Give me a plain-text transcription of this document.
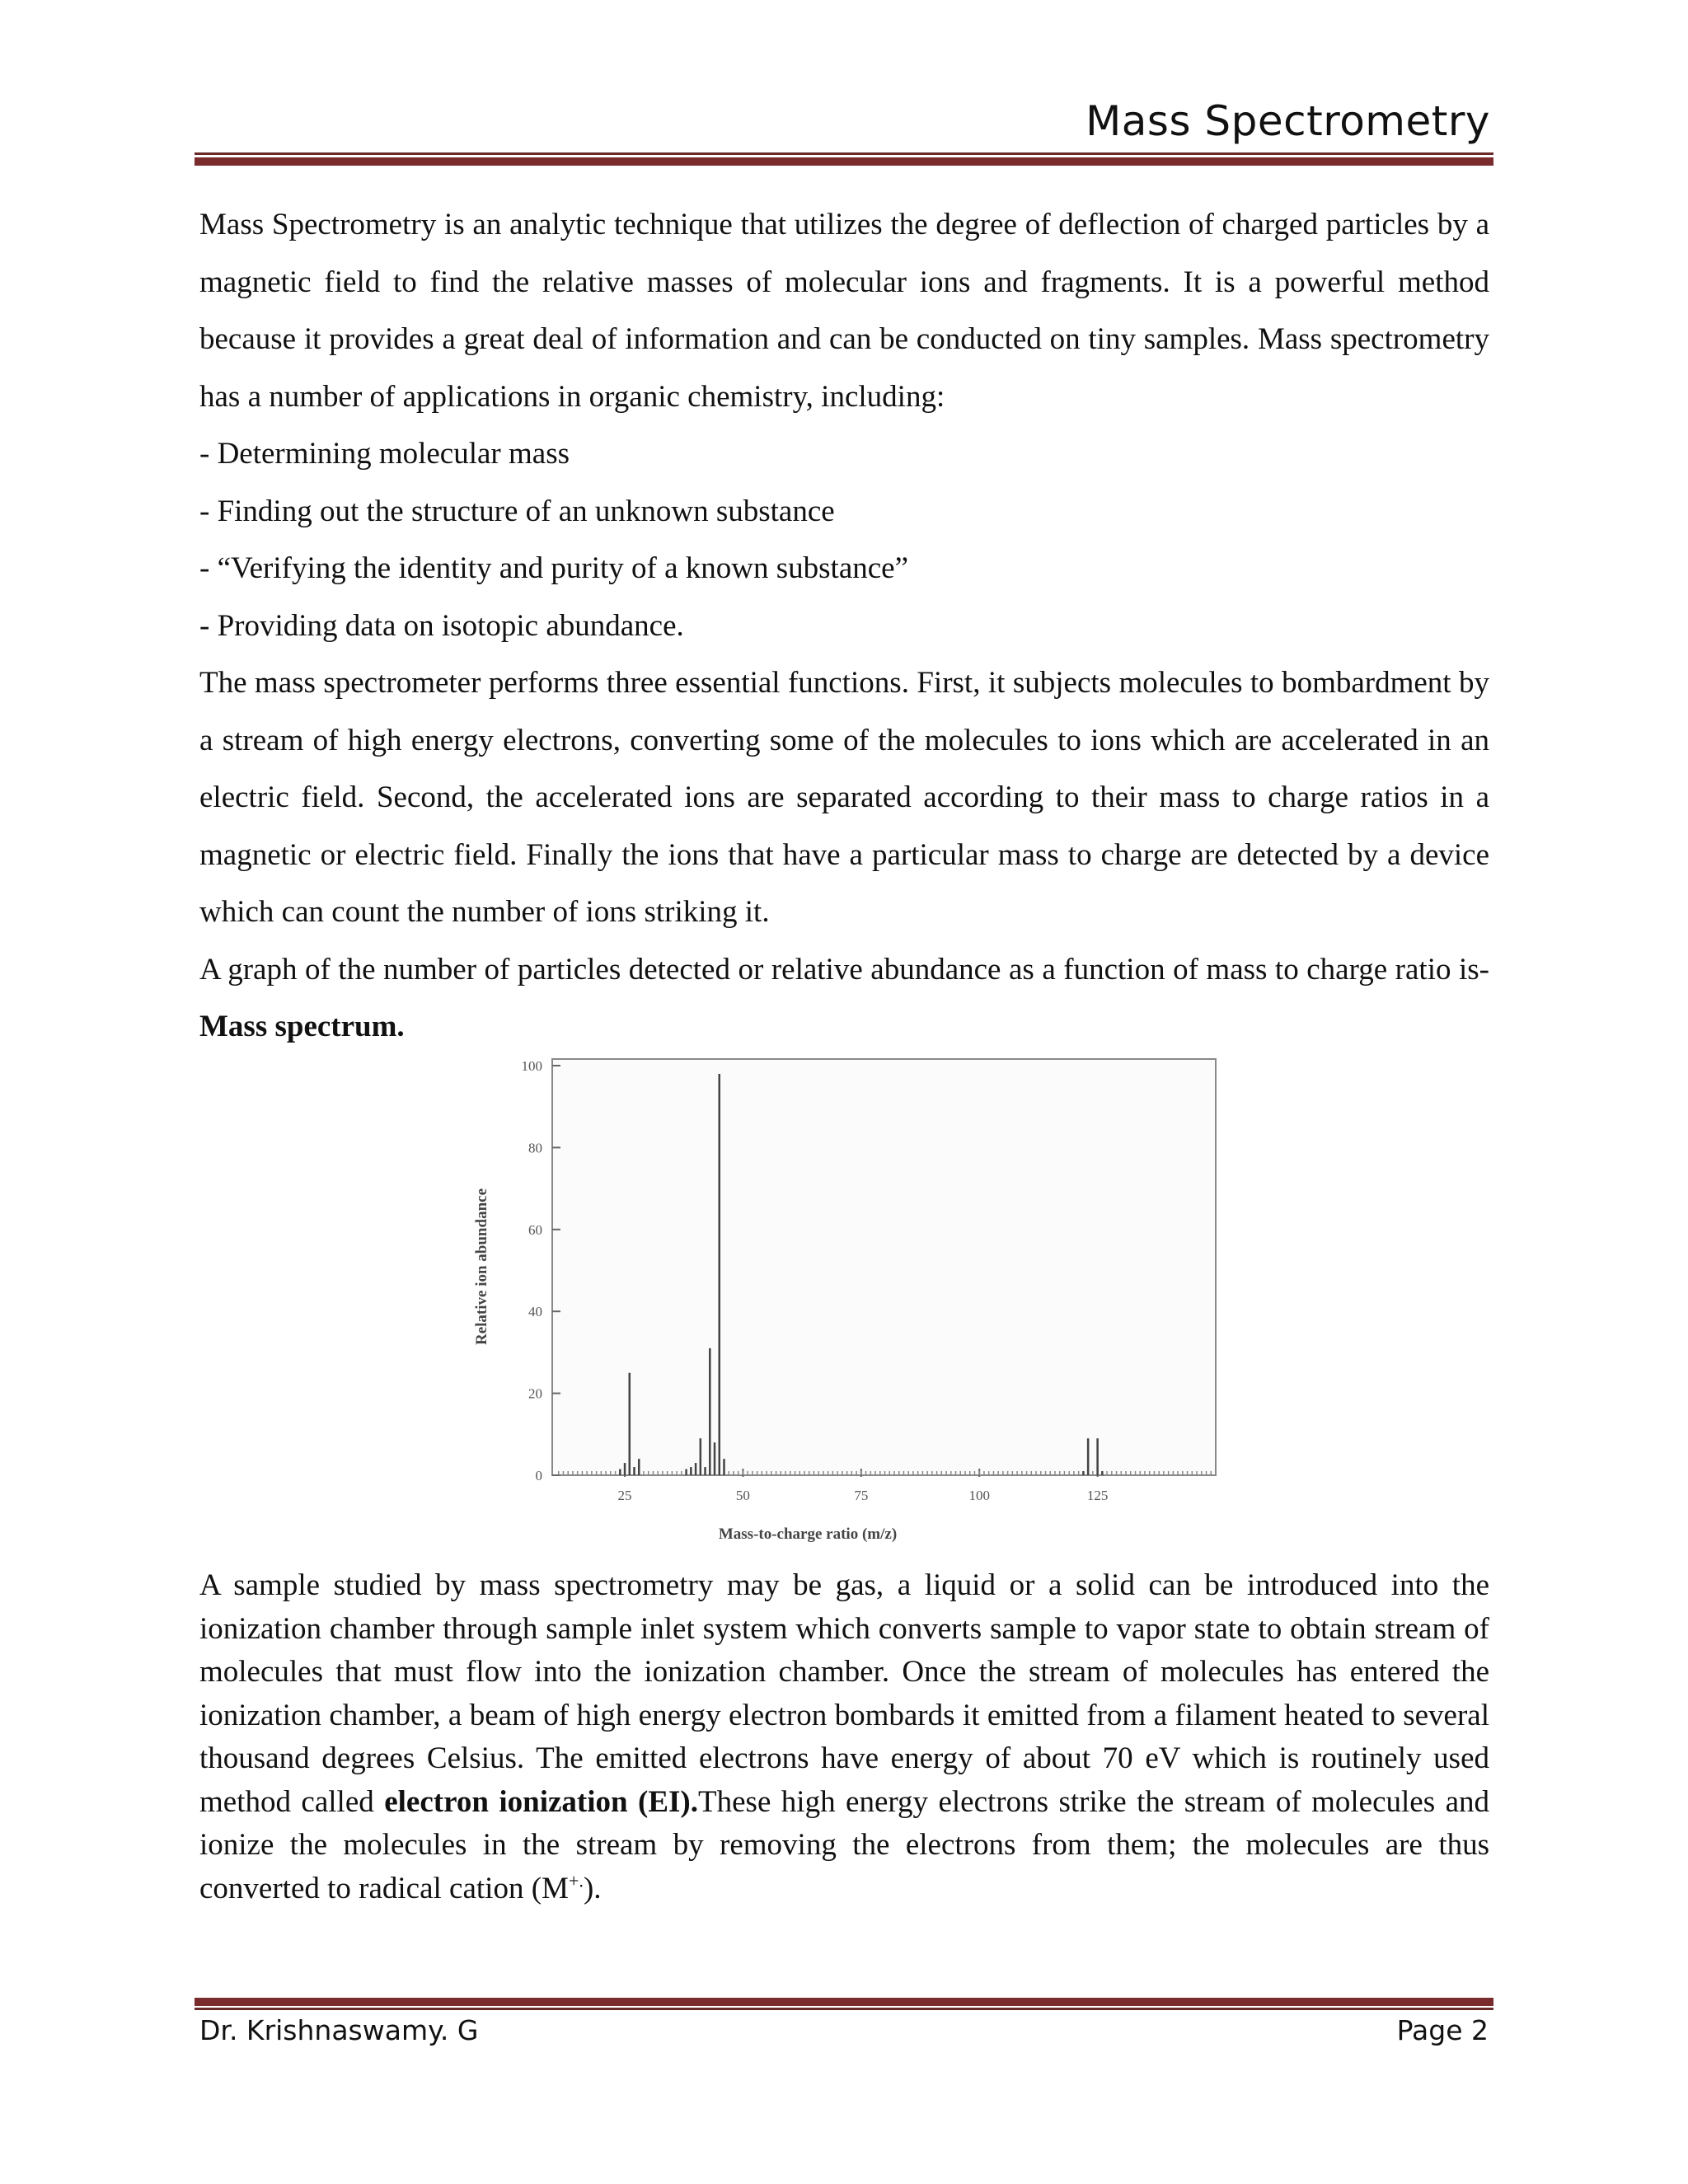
Mass Spectrometry

Mass Spectrometry is an analytic technique that utilizes the degree of deflection of charged particles by a magnetic field to find the relative masses of molecular ions and fragments. It is a powerful method because it provides a great deal of information and can be conducted on tiny samples. Mass spectrometry has a number of applications in organic chemistry, including:

- Determining molecular mass
- Finding out the structure of an unknown substance
- “Verifying the identity and purity of a known substance”
- Providing data on isotopic abundance.

The mass spectrometer performs three essential functions. First, it subjects molecules to bombardment by a stream of high energy electrons, converting some of the molecules to ions which are accelerated in an electric field. Second, the accelerated ions are separated according to their mass to charge ratios in a magnetic or electric field. Finally the ions that have a particular mass to charge are detected by a device which can count the number of ions striking it.

A graph of the number of particles detected or relative abundance as a function of mass to charge ratio is-Mass spectrum.

0
20
40
60
80
100
25	50	75	100	125
Relative ion abundance
Mass-to-charge ratio (m/z)

A sample studied by mass spectrometry may be gas, a liquid or a solid can be introduced into the ionization chamber through sample inlet system which converts sample to vapor state to obtain stream of molecules that must flow into the ionization chamber. Once the stream of molecules has entered the ionization chamber, a beam of high energy electron bombards it emitted from a filament heated to several thousand degrees Celsius. The emitted electrons have energy of about 70 eV which is routinely used method called electron ionization (EI).These high energy electrons strike the stream of molecules and ionize the molecules in the stream by removing the electrons from them; the molecules are thus converted to radical cation (M+.).

Dr. Krishnaswamy. G	Page 2
